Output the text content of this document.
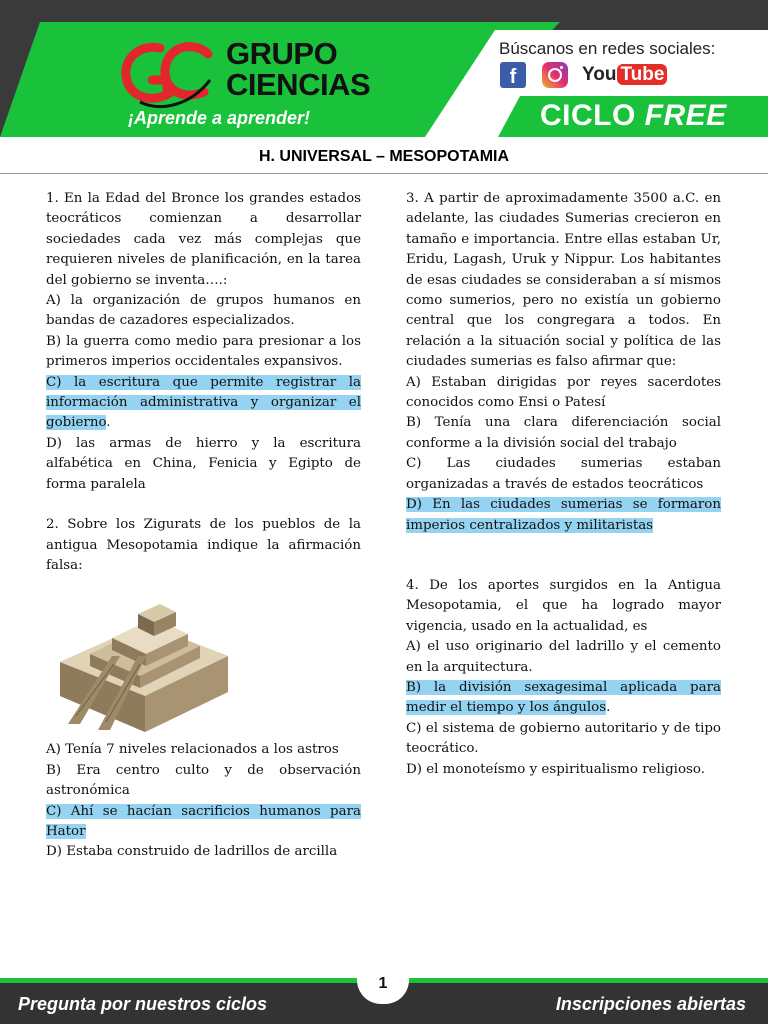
GRUPO
CIENCIAS
¡Aprende a aprender!
Búscanos en redes sociales:
f	You Tube
CICLO FREE
H. UNIVERSAL – MESOPOTAMIA

1. En la Edad del Bronce los grandes estados teocráticos comienzan a desarrollar sociedades cada vez más complejas que requieren niveles de planificación, en la tarea del gobierno se inventa….:

A) la organización de grupos humanos en bandas de cazadores especializados.

B) la guerra como medio para presionar a los primeros imperios occidentales expansivos.

C) la escritura que permite registrar la información administrativa y organizar el gobierno.

D) las armas de hierro y la escritura alfabética en China, Fenicia y Egipto de forma paralela

2. Sobre los Zigurats de los pueblos de la antigua Mesopotamia indique la afirmación falsa:

A) Tenía 7 niveles relacionados a los astros

B) Era centro culto y de observación astronómica

C) Ahí se hacían sacrificios humanos para Hator

D) Estaba construido de ladrillos de arcilla

3. A partir de aproximadamente 3500 a.C. en adelante, las ciudades Sumerias crecieron en tamaño e importancia. Entre ellas estaban Ur, Eridu, Lagash, Uruk y Nippur. Los habitantes de esas ciudades se consideraban a sí mismos como sumerios, pero no existía un gobierno central que los congregara a todos. En relación a la situación social y política de las ciudades sumerias es falso afirmar que:

A) Estaban dirigidas por reyes sacerdotes conocidos como Ensi o Patesí

B) Tenía una clara diferenciación social conforme a la división social del trabajo

C) Las ciudades sumerias estaban organizadas a través de estados teocráticos

D) En las ciudades sumerias se formaron imperios centralizados y militaristas

4. De los aportes surgidos en la Antigua Mesopotamia, el que ha logrado mayor vigencia, usado en la actualidad, es

A) el uso originario del ladrillo y el cemento en la arquitectura.

B) la división sexagesimal aplicada para medir el tiempo y los ángulos.

C) el sistema de gobierno autoritario y de tipo teocrático.

D) el monoteísmo y espiritualismo religioso.

Pregunta por nuestros ciclos	Inscripciones abiertas
1
